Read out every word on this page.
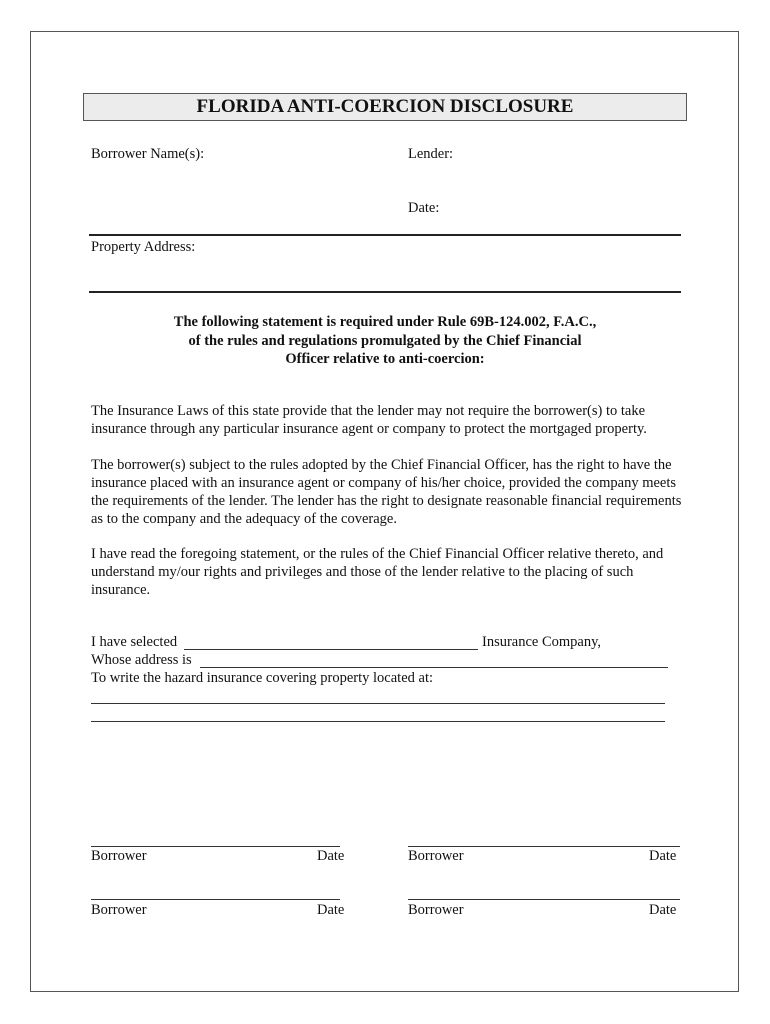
FLORIDA ANTI-COERCION DISCLOSURE
Borrower Name(s):	Lender:
Date:
Property Address:
The following statement is required under Rule 69B-124.002, F.A.C.,
of the rules and regulations promulgated by the Chief Financial
Officer relative to anti-coercion:

The Insurance Laws of this state provide that the lender may not require the borrower(s) to take insurance through any particular insurance agent or company to protect the mortgaged property.

The borrower(s) subject to the rules adopted by the Chief Financial Officer, has the right to have the insurance placed with an insurance agent or company of his/her choice, provided the company meets the requirements of the lender. The lender has the right to designate reasonable financial requirements as to the company and the adequacy of the coverage.

I have read the foregoing statement, or the rules of the Chief Financial Officer relative thereto, and understand my/our rights and privileges and those of the lender relative to the placing of such insurance.

I have selected	Insurance Company,
Whose address is
To write the hazard insurance covering property located at:
Borrower	Date	Borrower	Date
Borrower	Date	Borrower	Date
